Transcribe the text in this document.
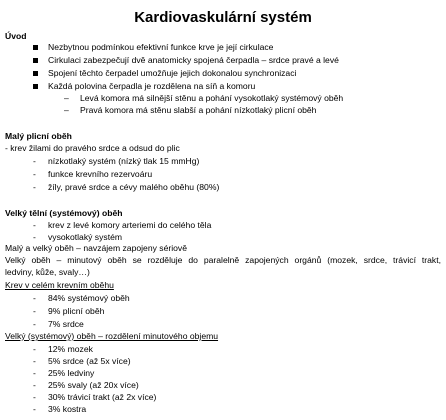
Kardiovaskulární systém
Úvod
Nezbytnou podmínkou efektivní funkce krve je její cirkulace
Cirkulaci zabezpečují dvě anatomicky spojená čerpadla – srdce pravé a levé
Spojení těchto čerpadel umožňuje jejich dokonalou synchronizaci
Každá polovina čerpadla je rozdělena na síň a komoru
– Levá komora má silnější stěnu a pohání vysokotlaký systémový oběh
– Pravá komora má stěnu slabší a pohání nízkotlaký plicní oběh
Malý plicní oběh
- krev žilami do pravého srdce a odsud do plic
- nízkotlaký systém (nízký tlak 15 mmHg)
- funkce krevního rezervoáru
- žíly, pravé srdce a cévy malého oběhu (80%)
Velký tělní (systémový) oběh
- krev z levé komory arteriemi do celého těla
- vysokotlaký systém
Malý a velký oběh – navzájem zapojeny sériově
Velký oběh – minutový oběh se rozděluje do paralelně zapojených orgánů (mozek, srdce, trávicí trakt,
ledviny, kůže, svaly…)
Krev v celém krevním oběhu
- 84% systémový oběh
- 9% plicní oběh
- 7% srdce
Velký (systémový) oběh – rozdělení minutového objemu
- 12% mozek
- 5% srdce (až 5x více)
- 25% ledviny
- 25% svaly (až 20x více)
- 30% trávicí trakt (až 2x více)
- 3% kostra
